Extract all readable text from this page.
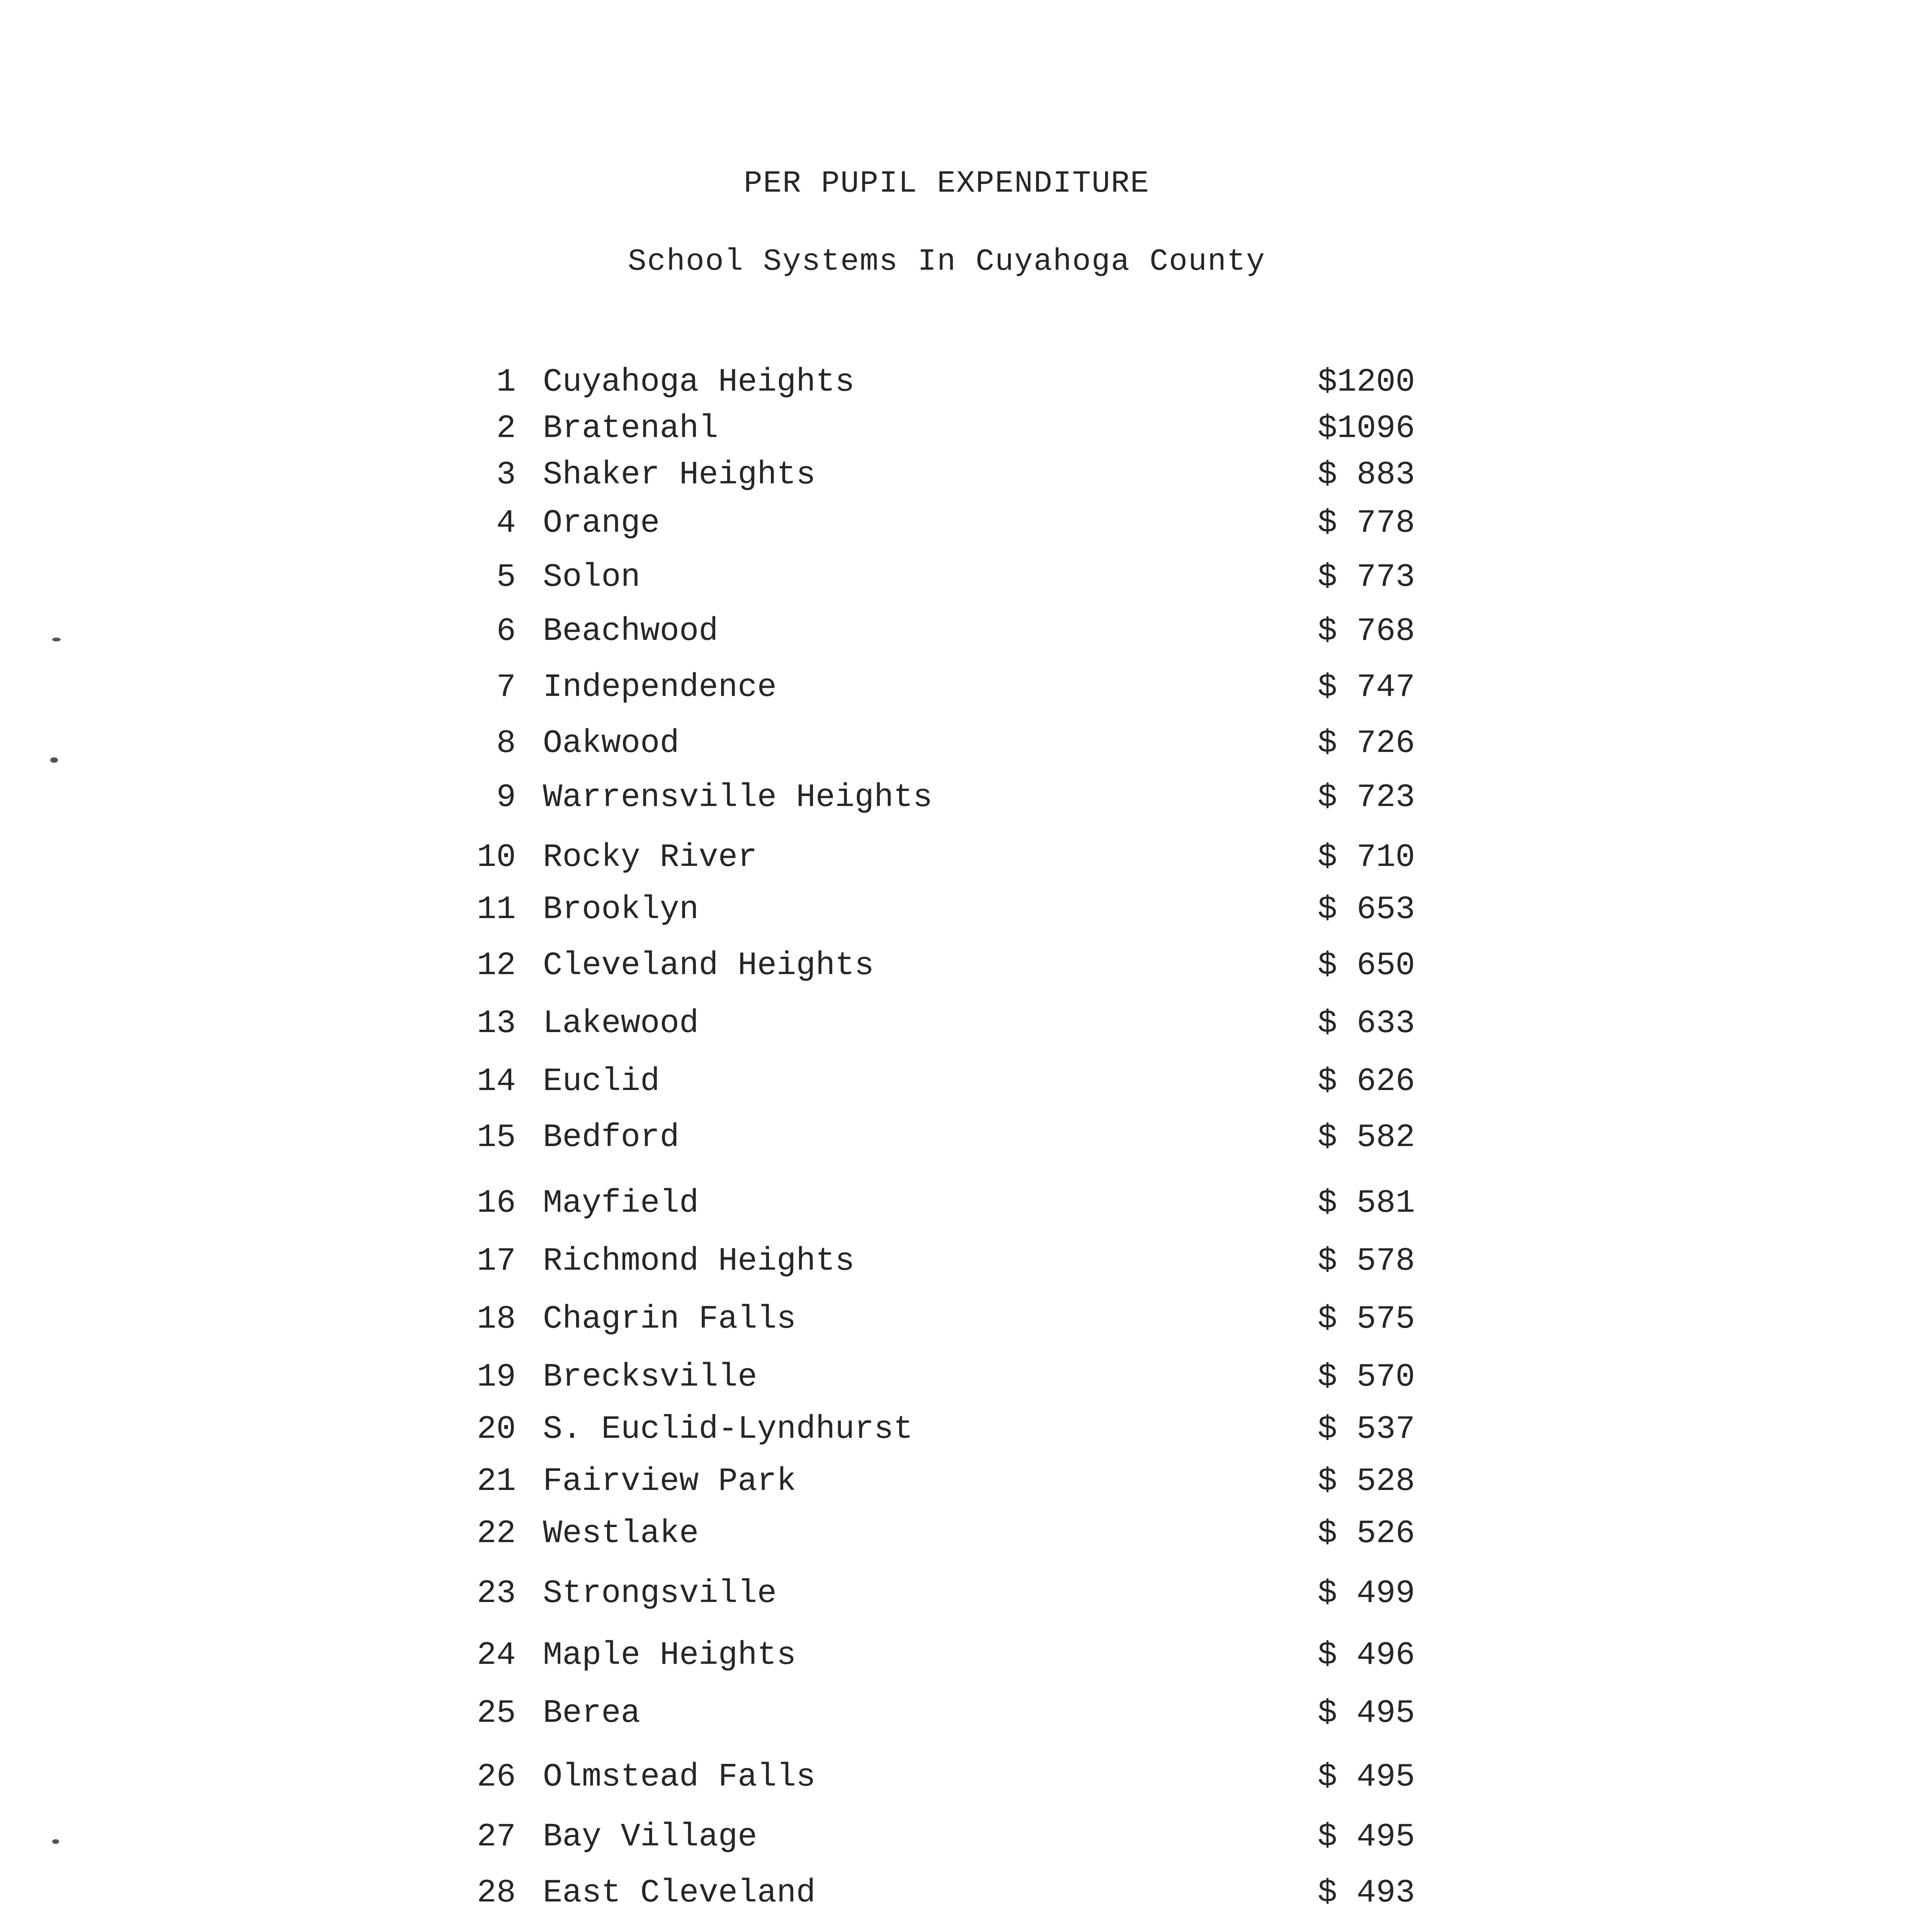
PER PUPIL EXPENDITURE
School Systems In Cuyahoga County
1 Cuyahoga Heights	$1200
2 Bratenahl	$1096
3 Shaker Heights	$ 883
4 Orange	$ 778
5 Solon	$ 773
6 Beachwood	$ 768
7 Independence	$ 747
8 Oakwood	$ 726
9 Warrensville Heights	$ 723
10 Rocky River	$ 710
11 Brooklyn	$ 653
12 Cleveland Heights	$ 650
13 Lakewood	$ 633
14 Euclid	$ 626
15 Bedford	$ 582
16 Mayfield	$ 581
17 Richmond Heights	$ 578
18 Chagrin Falls	$ 575
19 Brecksville	$ 570
20 S. Euclid-Lyndhurst	$ 537
21 Fairview Park	$ 528
22 Westlake	$ 526
23 Strongsville	$ 499
24 Maple Heights	$ 496
25 Berea	$ 495
26 Olmstead Falls	$ 495
27 Bay Village	$ 495
28 East Cleveland	$ 493
